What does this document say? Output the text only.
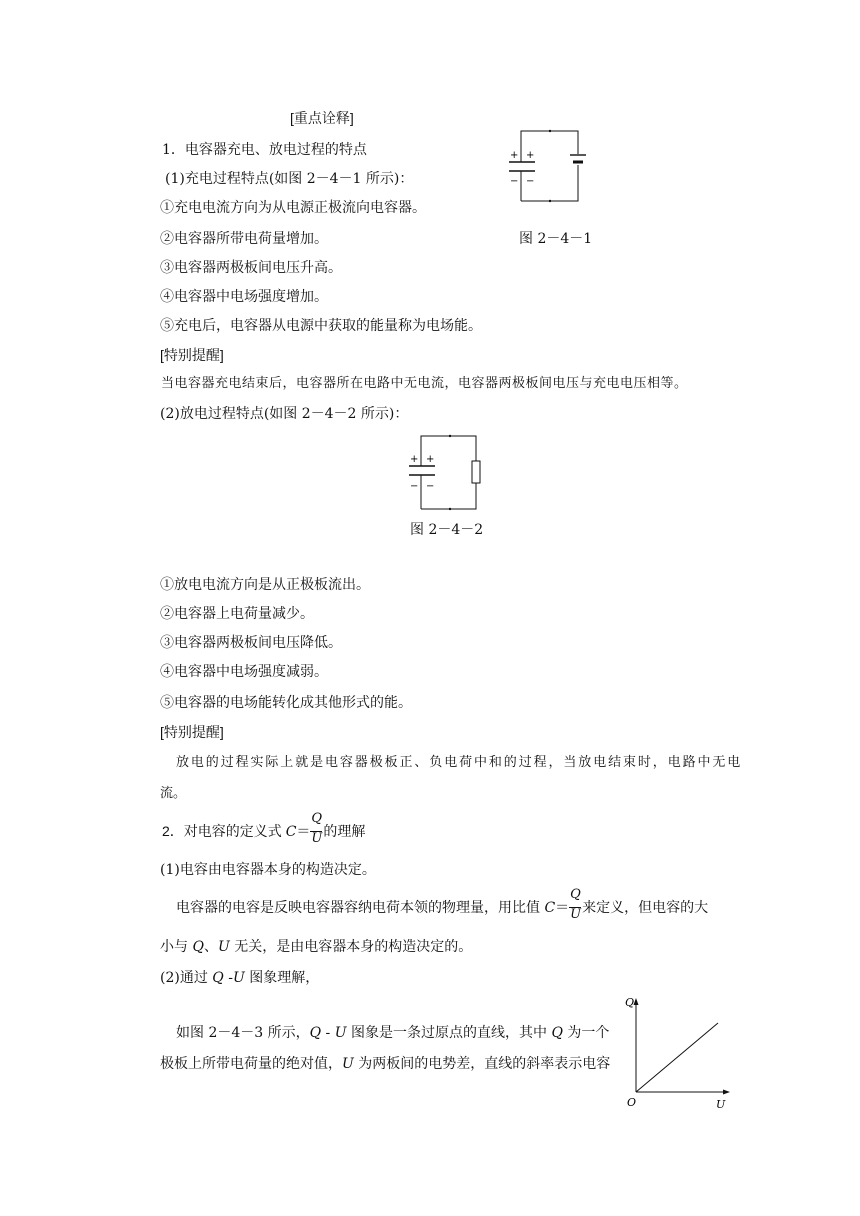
[重点诠释]
1．电容器充电、放电过程的特点
(1)充电过程特点(如图 2－4－1 所示)：
①充电电流方向为从电源正极流向电容器。
②电容器所带电荷量增加。
③电容器两极板间电压升高。
④电容器中电场强度增加。
⑤充电后，电容器从电源中获取的能量称为电场能。
+ +
− −
图 2－4－1
[特别提醒]
当电容器充电结束后，电容器所在电路中无电流，电容器两极板间电压与充电电压相等。
(2)放电过程特点(如图 2－4－2 所示)：
+ +
− −
图 2－4－2
①放电电流方向是从正极板流出。
②电容器上电荷量减少。
③电容器两极板间电压降低。
④电容器中电场强度减弱。
⑤电容器的电场能转化成其他形式的能。
[特别提醒]
放电的过程实际上就是电容器极板正、负电荷中和的过程，当放电结束时，电路中无电
流。
2．对电容的定义式 $C= \frac{Q}{U}$ 的理解
(1)电容由电容器本身的构造决定。
电容器的电容是反映电容器容纳电荷本领的物理量，用比值 $C= \frac{Q}{U}$ 来定义，但电容的大
小与 Q、U 无关，是由电容器本身的构造决定的。
(2)通过 Q -U 图象理解，
如图 2－4－3 所示，Q - U 图象是一条过原点的直线，其中 Q 为一个
极板上所带电荷量的绝对值，U 为两板间的电势差，直线的斜率表示电容
Q
U
O
